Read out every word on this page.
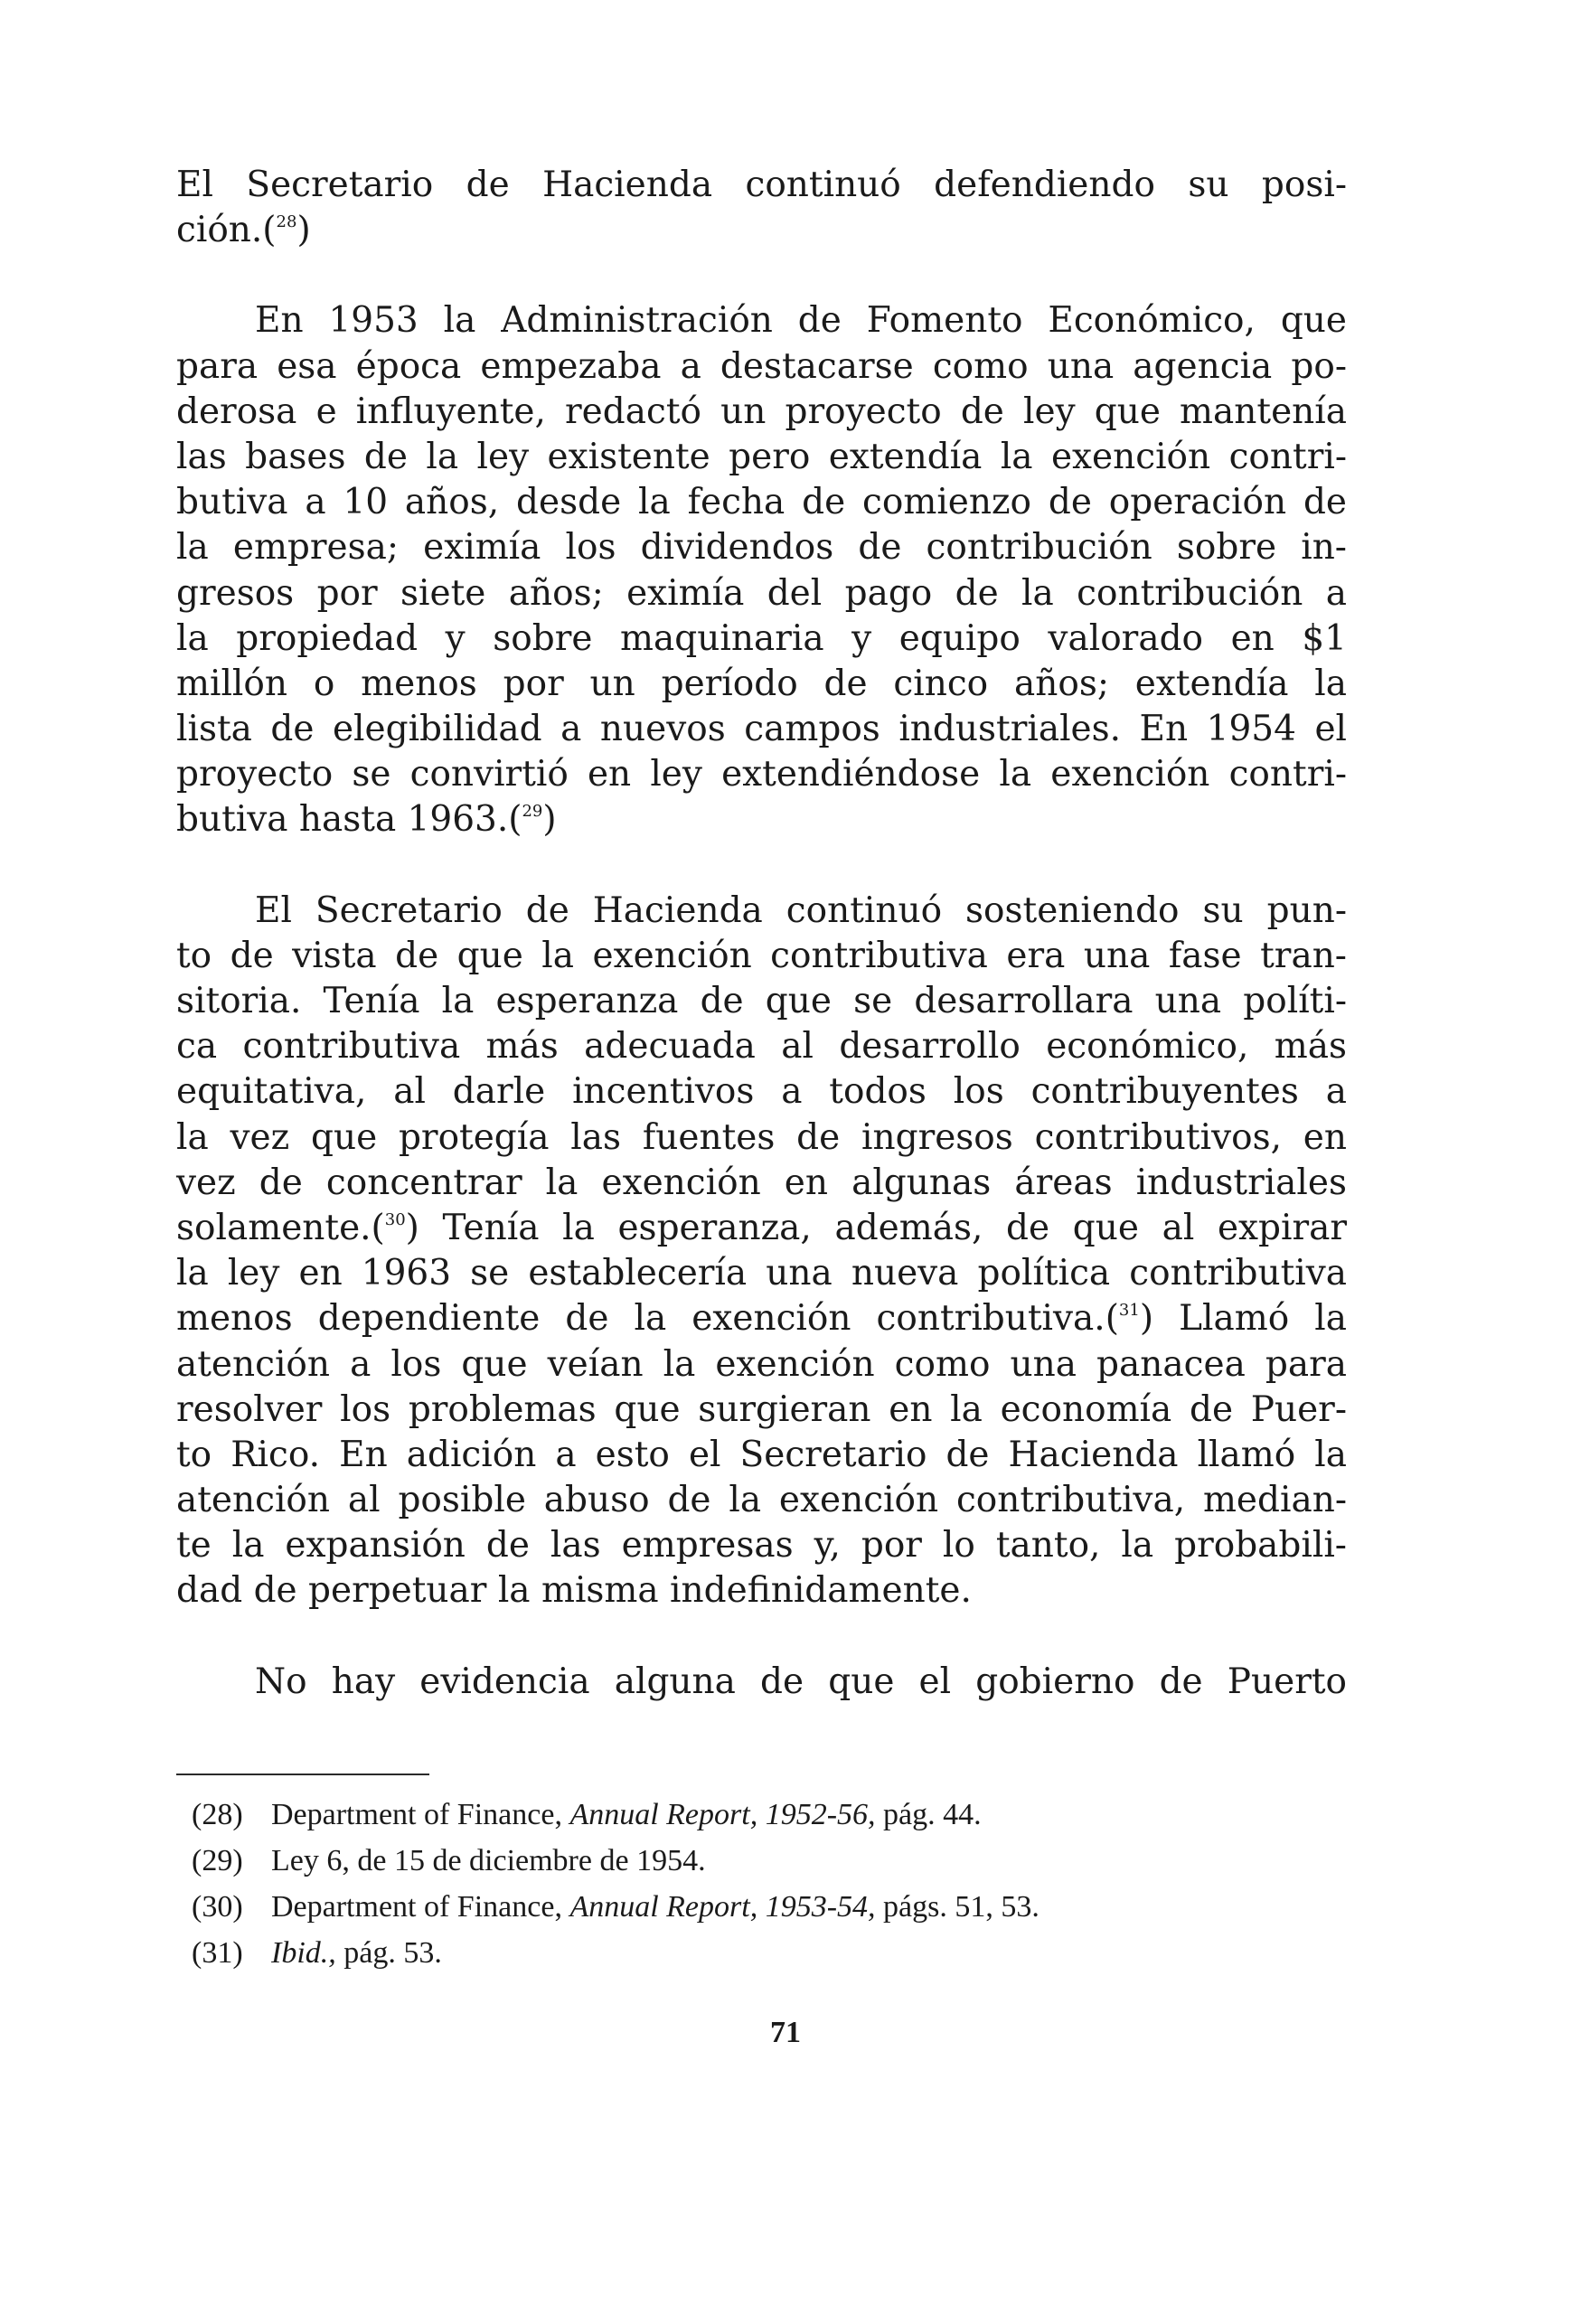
El Secretario de Hacienda continuó defendiendo su posi-
ción.($^{28}$)
En 1953 la Administración de Fomento Económico, que
para esa época empezaba a destacarse como una agencia po-
derosa e influyente, redactó un proyecto de ley que mantenía
las bases de la ley existente pero extendía la exención contri-
butiva a 10 años, desde la fecha de comienzo de operación de
la empresa; eximía los dividendos de contribución sobre in-
gresos por siete años; eximía del pago de la contribución a
la propiedad y sobre maquinaria y equipo valorado en $1
millón o menos por un período de cinco años; extendía la
lista de elegibilidad a nuevos campos industriales. En 1954 el
proyecto se convirtió en ley extendiéndose la exención contri-
butiva hasta 1963.($^{29}$)
El Secretario de Hacienda continuó sosteniendo su pun-
to de vista de que la exención contributiva era una fase tran-
sitoria. Tenía la esperanza de que se desarrollara una políti-
ca contributiva más adecuada al desarrollo económico, más
equitativa, al darle incentivos a todos los contribuyentes a
la vez que protegía las fuentes de ingresos contributivos, en
vez de concentrar la exención en algunas áreas industriales
solamente.($^{30}$) Tenía la esperanza, además, de que al expirar
la ley en 1963 se establecería una nueva política contributiva
menos dependiente de la exención contributiva.($^{31}$) Llamó la
atención a los que veían la exención como una panacea para
resolver los problemas que surgieran en la economía de Puer-
to Rico. En adición a esto el Secretario de Hacienda llamó la
atención al posible abuso de la exención contributiva, median-
te la expansión de las empresas y, por lo tanto, la probabili-
dad de perpetuar la misma indefinidamente.
No hay evidencia alguna de que el gobierno de Puerto
(28) Department of Finance, Annual Report, 1952-56, pág. 44.
(29) Ley 6, de 15 de diciembre de 1954.
(30) Department of Finance, Annual Report, 1953-54, págs. 51, 53.
(31) Ibid., pág. 53.
71
